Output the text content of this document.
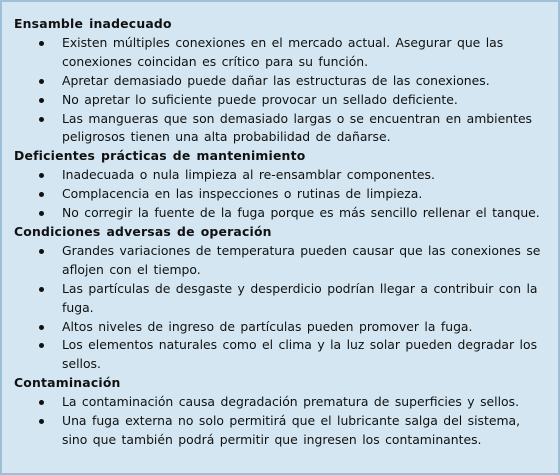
Ensamble inadecuado
Existen múltiples conexiones en el mercado actual. Asegurar que las conexiones coincidan es crítico para su función.
Apretar demasiado puede dañar las estructuras de las conexiones.
No apretar lo suficiente puede provocar un sellado deficiente.
Las mangueras que son demasiado largas o se encuentran en ambientes peligrosos tienen una alta probabilidad de dañarse.
Deficientes prácticas de mantenimiento
Inadecuada o nula limpieza al re-ensamblar componentes.
Complacencia en las inspecciones o rutinas de limpieza.
No corregir la fuente de la fuga porque es más sencillo rellenar el tanque.
Condiciones adversas de operación
Grandes variaciones de temperatura pueden causar que las conexiones se aflojen con el tiempo.
Las partículas de desgaste y desperdicio podrían llegar a contribuir con la fuga.
Altos niveles de ingreso de partículas pueden promover la fuga.
Los elementos naturales como el clima y la luz solar pueden degradar los sellos.
Contaminación
La contaminación causa degradación prematura de superficies y sellos.
Una fuga externa no solo permitirá que el lubricante salga del sistema, sino que también podrá permitir que ingresen los contaminantes.
